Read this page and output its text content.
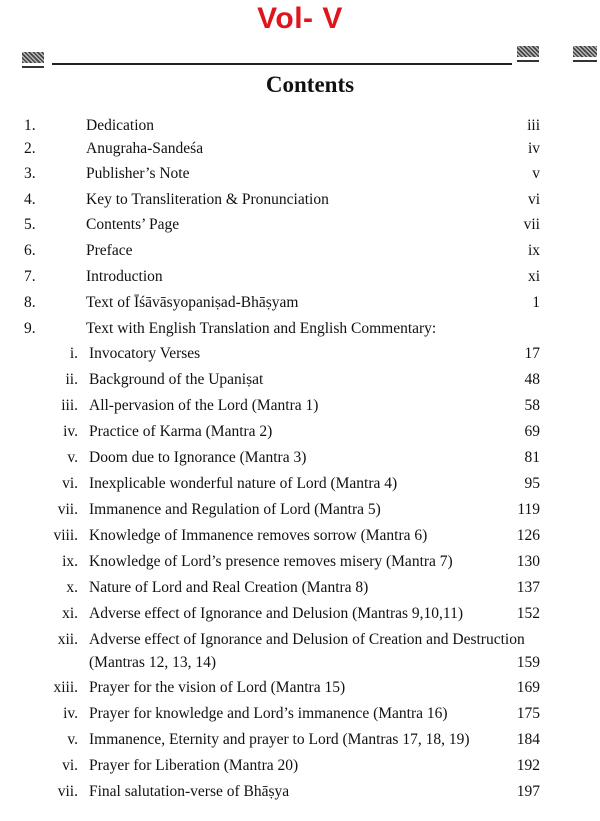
Vol- V
Contents
1.	Dedication	iii
2.	Anugraha-Sandeśa	iv
3.	Publisher’s Note	v
4.	Key to Transliteration & Pronunciation	vi
5.	Contents’ Page	vii
6.	Preface	ix
7.	Introduction	xi
8.	Text of Īśāvāsyopaniṣad-Bhāṣyam	1
9.	Text with English Translation and English Commentary:
i. Invocatory Verses	17
ii. Background of the Upaniṣat	48
iii. All-pervasion of the Lord (Mantra 1)	58
iv. Practice of Karma (Mantra 2)	69
v. Doom due to Ignorance (Mantra 3)	81
vi. Inexplicable wonderful nature of Lord (Mantra 4)	95
vii. Immanence and Regulation of Lord (Mantra 5)	119
viii. Knowledge of Immanence removes sorrow (Mantra 6)	126
ix. Knowledge of Lord’s presence removes misery (Mantra 7)	130
x. Nature of Lord and Real Creation (Mantra 8)	137
xi. Adverse effect of Ignorance and Delusion (Mantras 9,10,11)	152
xii. Adverse effect of Ignorance and Delusion of Creation and Destruction
(Mantras 12, 13, 14)	159
xiii. Prayer for the vision of Lord (Mantra 15)	169
iv. Prayer for knowledge and Lord’s immanence (Mantra 16)	175
v. Immanence, Eternity and prayer to Lord (Mantras 17, 18, 19)	184
vi. Prayer for Liberation (Mantra 20)	192
vii. Final salutation-verse of Bhāṣya	197
